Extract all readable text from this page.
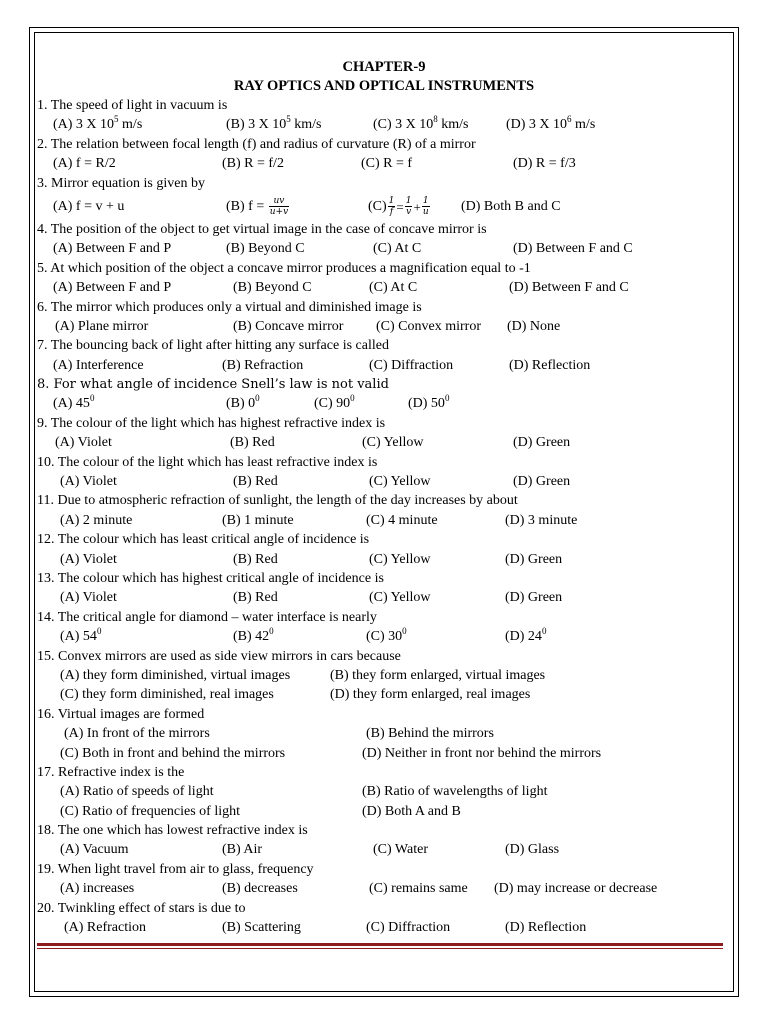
CHAPTER-9
RAY OPTICS AND OPTICAL INSTRUMENTS
1. The speed of light in vacuum is
(A) 3 X $10^5$ m/s	(B) 3 X $10^5$ km/s	(C) 3 X $10^8$ km/s	(D) 3 X $10^6$ m/s
2. The relation between focal length (f) and radius of curvature (R) of a mirror
(A) f = R/2	(B) R = f/2	(C) R = f	(D) R = f/3
3. Mirror equation is given by
(A) f = v + u	(B) $f = \frac{uv}{u+v}$	$(C) \frac{1}{f} = \frac{1}{v} + \frac{1}{u} (D)$ Both B and C
4. The position of the object to get virtual image in the case of concave mirror is
(A) Between F and P	(B) Beyond C	(C) At C	(D) Between F and C
5. At which position of the object a concave mirror produces a magnification equal to -1
(A) Between F and P	(B) Beyond C	(C) At C	(D) Between F and C
6. The mirror which produces only a virtual and diminished image is
(A) Plane mirror	(B) Concave mirror (C) Convex mirror (D) None
7. The bouncing back of light after hitting any surface is called
(A) Interference	(B) Refraction	(C) Diffraction	(D) Reflection
8. For what angle of incidence Snell’s law is not valid
(A) $45^0$	(B) $0^0$	(C) $90^0$	(D) $50^0$
9. The colour of the light which has highest refractive index is
(A) Violet	(B) Red	(C) Yellow	(D) Green
10. The colour of the light which has least refractive index is
(A) Violet	(B) Red	(C) Yellow	(D) Green
11. Due to atmospheric refraction of sunlight, the length of the day increases by about
(A) 2 minute	(B) 1 minute	(C) 4 minute	(D) 3 minute
12. The colour which has least critical angle of incidence is
(A) Violet	(B) Red	(C) Yellow	(D) Green
13. The colour which has highest critical angle of incidence is
(A) Violet	(B) Red	(C) Yellow	(D) Green
14. The critical angle for diamond – water interface is nearly
(A) $54^0$	(B) $42^0$	(C) $30^0$	(D) $24^0$
15. Convex mirrors are used as side view mirrors in cars because
(A) they form diminished, virtual images	(B) they form enlarged, virtual images
(C) they form diminished, real images	(D) they form enlarged, real images
16. Virtual images are formed
(A) In front of the mirrors	(B) Behind the mirrors
(C) Both in front and behind the mirrors	(D) Neither in front nor behind the mirrors
17. Refractive index is the
(A) Ratio of speeds of light	(B) Ratio of wavelengths of light
(C) Ratio of frequencies of light	(D) Both A and B
18. The one which has lowest refractive index is
(A) Vacuum	(B) Air	(C) Water	(D) Glass
19. When light travel from air to glass, frequency
(A) increases	(B) decreases	(C) remains same (D) may increase or decrease
20. Twinkling effect of stars is due to
(A) Refraction	(B) Scattering	(C) Diffraction	(D) Reflection
